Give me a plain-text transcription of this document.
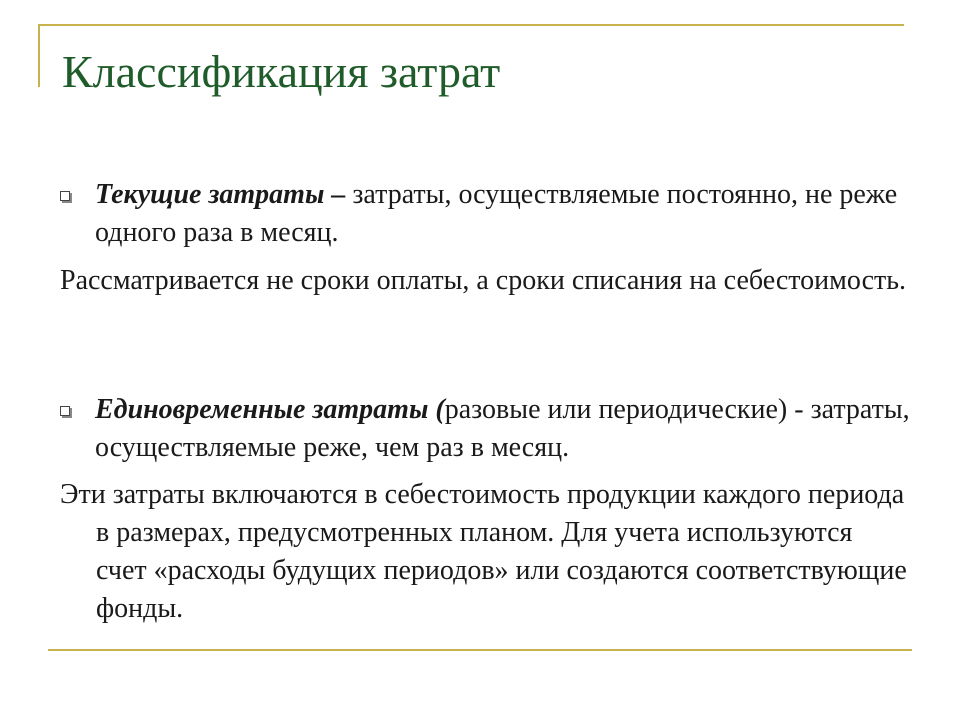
Классификация затрат
Текущие затраты – затраты, осуществляемые постоянно, не реже одного раза в месяц.
Рассматривается не сроки оплаты, а сроки списания на себестоимость.
Единовременные затраты (разовые или периодические) - затраты, осуществляемые реже, чем раз в месяц.
Эти затраты включаются в себестоимость продукции каждого периода в размерах, предусмотренных планом. Для учета используются счет «расходы будущих периодов» или создаются соответствующие фонды.
